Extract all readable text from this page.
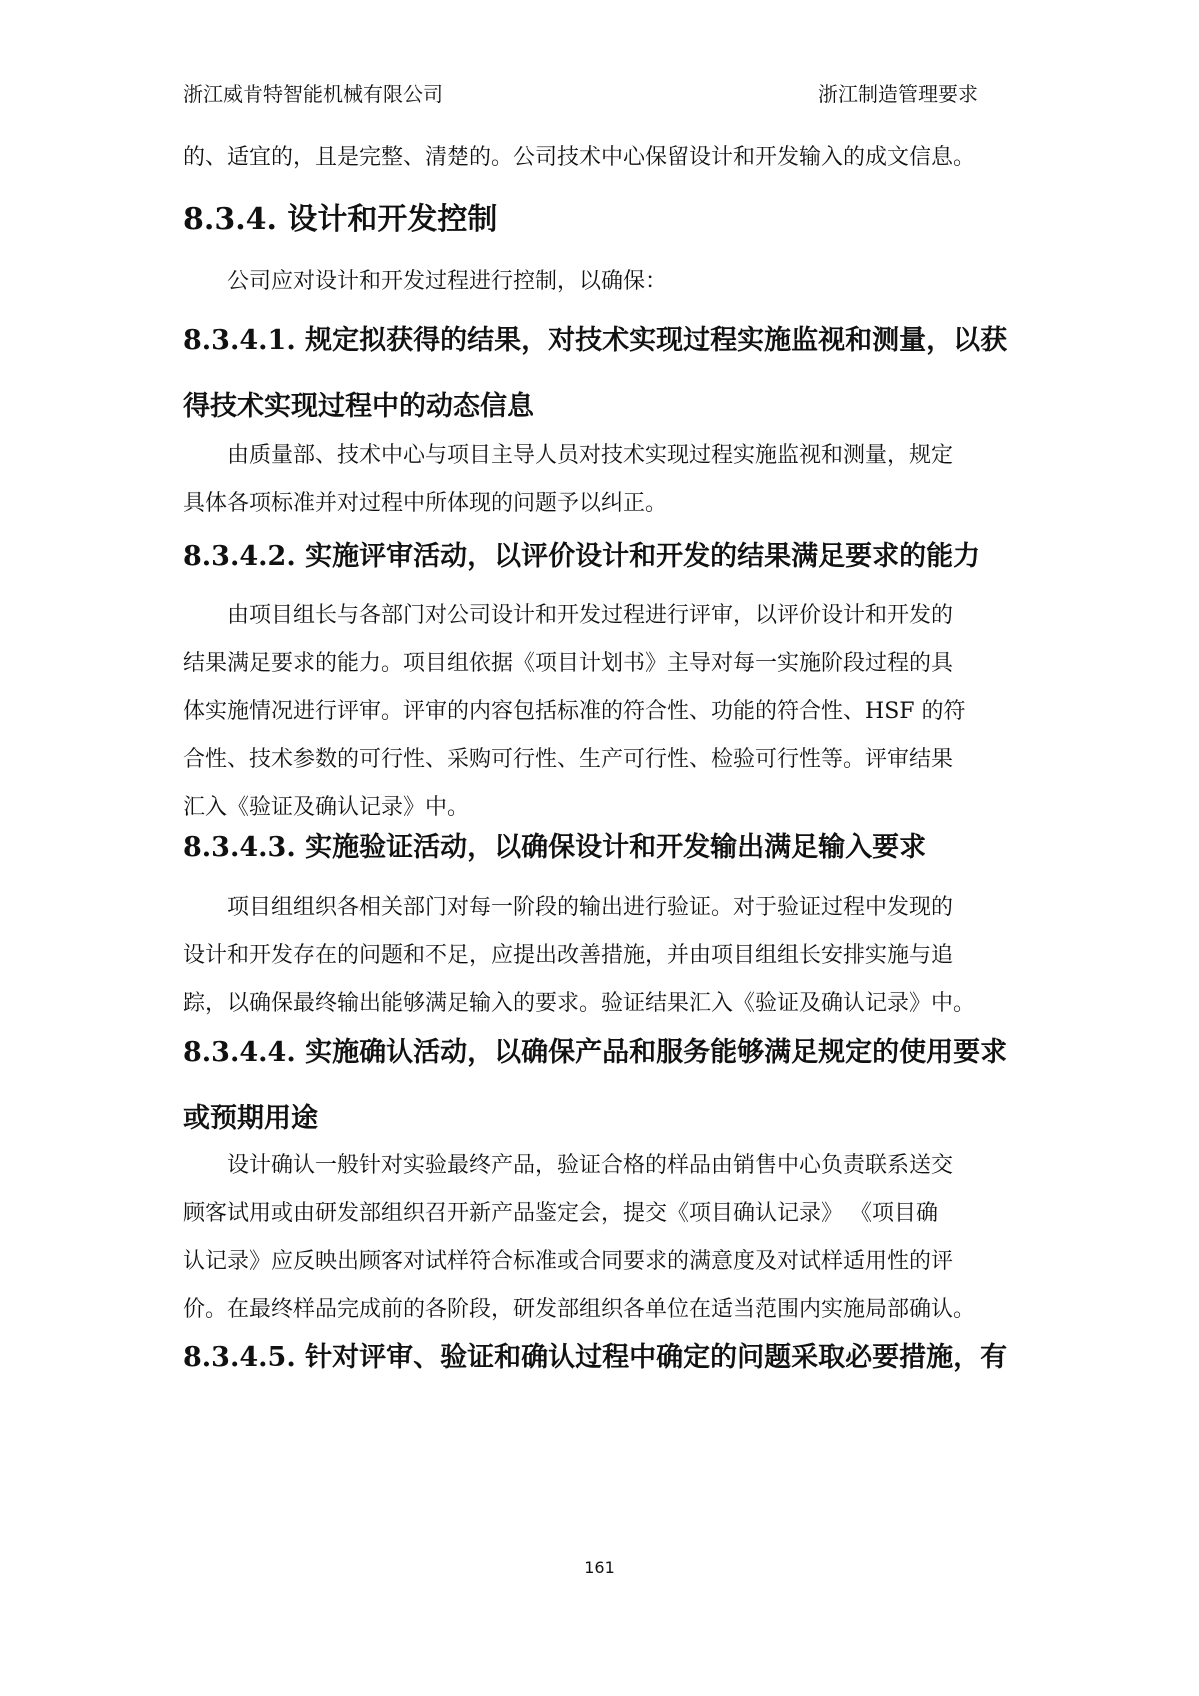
浙江威肯特智能机械有限公司	浙江制造管理要求
的、适宜的，且是完整、清楚的。公司技术中心保留设计和开发输入的成文信息。
8.3.4. 设计和开发控制
　　公司应对设计和开发过程进行控制，以确保：
8.3.4.1. 规定拟获得的结果，对技术实现过程实施监视和测量，以获
得技术实现过程中的动态信息
　　由质量部、技术中心与项目主导人员对技术实现过程实施监视和测量，规定
具体各项标准并对过程中所体现的问题予以纠正。
8.3.4.2. 实施评审活动，以评价设计和开发的结果满足要求的能力
　　由项目组长与各部门对公司设计和开发过程进行评审，以评价设计和开发的
结果满足要求的能力。项目组依据《项目计划书》主导对每一实施阶段过程的具
体实施情况进行评审。评审的内容包括标准的符合性、功能的符合性、HSF 的符
合性、技术参数的可行性、采购可行性、生产可行性、检验可行性等。评审结果
汇入《验证及确认记录》中。
8.3.4.3. 实施验证活动，以确保设计和开发输出满足输入要求
　　项目组组织各相关部门对每一阶段的输出进行验证。对于验证过程中发现的
设计和开发存在的问题和不足，应提出改善措施，并由项目组组长安排实施与追
踪，以确保最终输出能够满足输入的要求。验证结果汇入《验证及确认记录》中。
8.3.4.4. 实施确认活动，以确保产品和服务能够满足规定的使用要求
或预期用途
　　设计确认一般针对实验最终产品，验证合格的样品由销售中心负责联系送交
顾客试用或由研发部组织召开新产品鉴定会，提交《项目确认记录》 《项目确
认记录》应反映出顾客对试样符合标准或合同要求的满意度及对试样适用性的评
价。在最终样品完成前的各阶段，研发部组织各单位在适当范围内实施局部确认。
8.3.4.5. 针对评审、验证和确认过程中确定的问题采取必要措施，有
161
